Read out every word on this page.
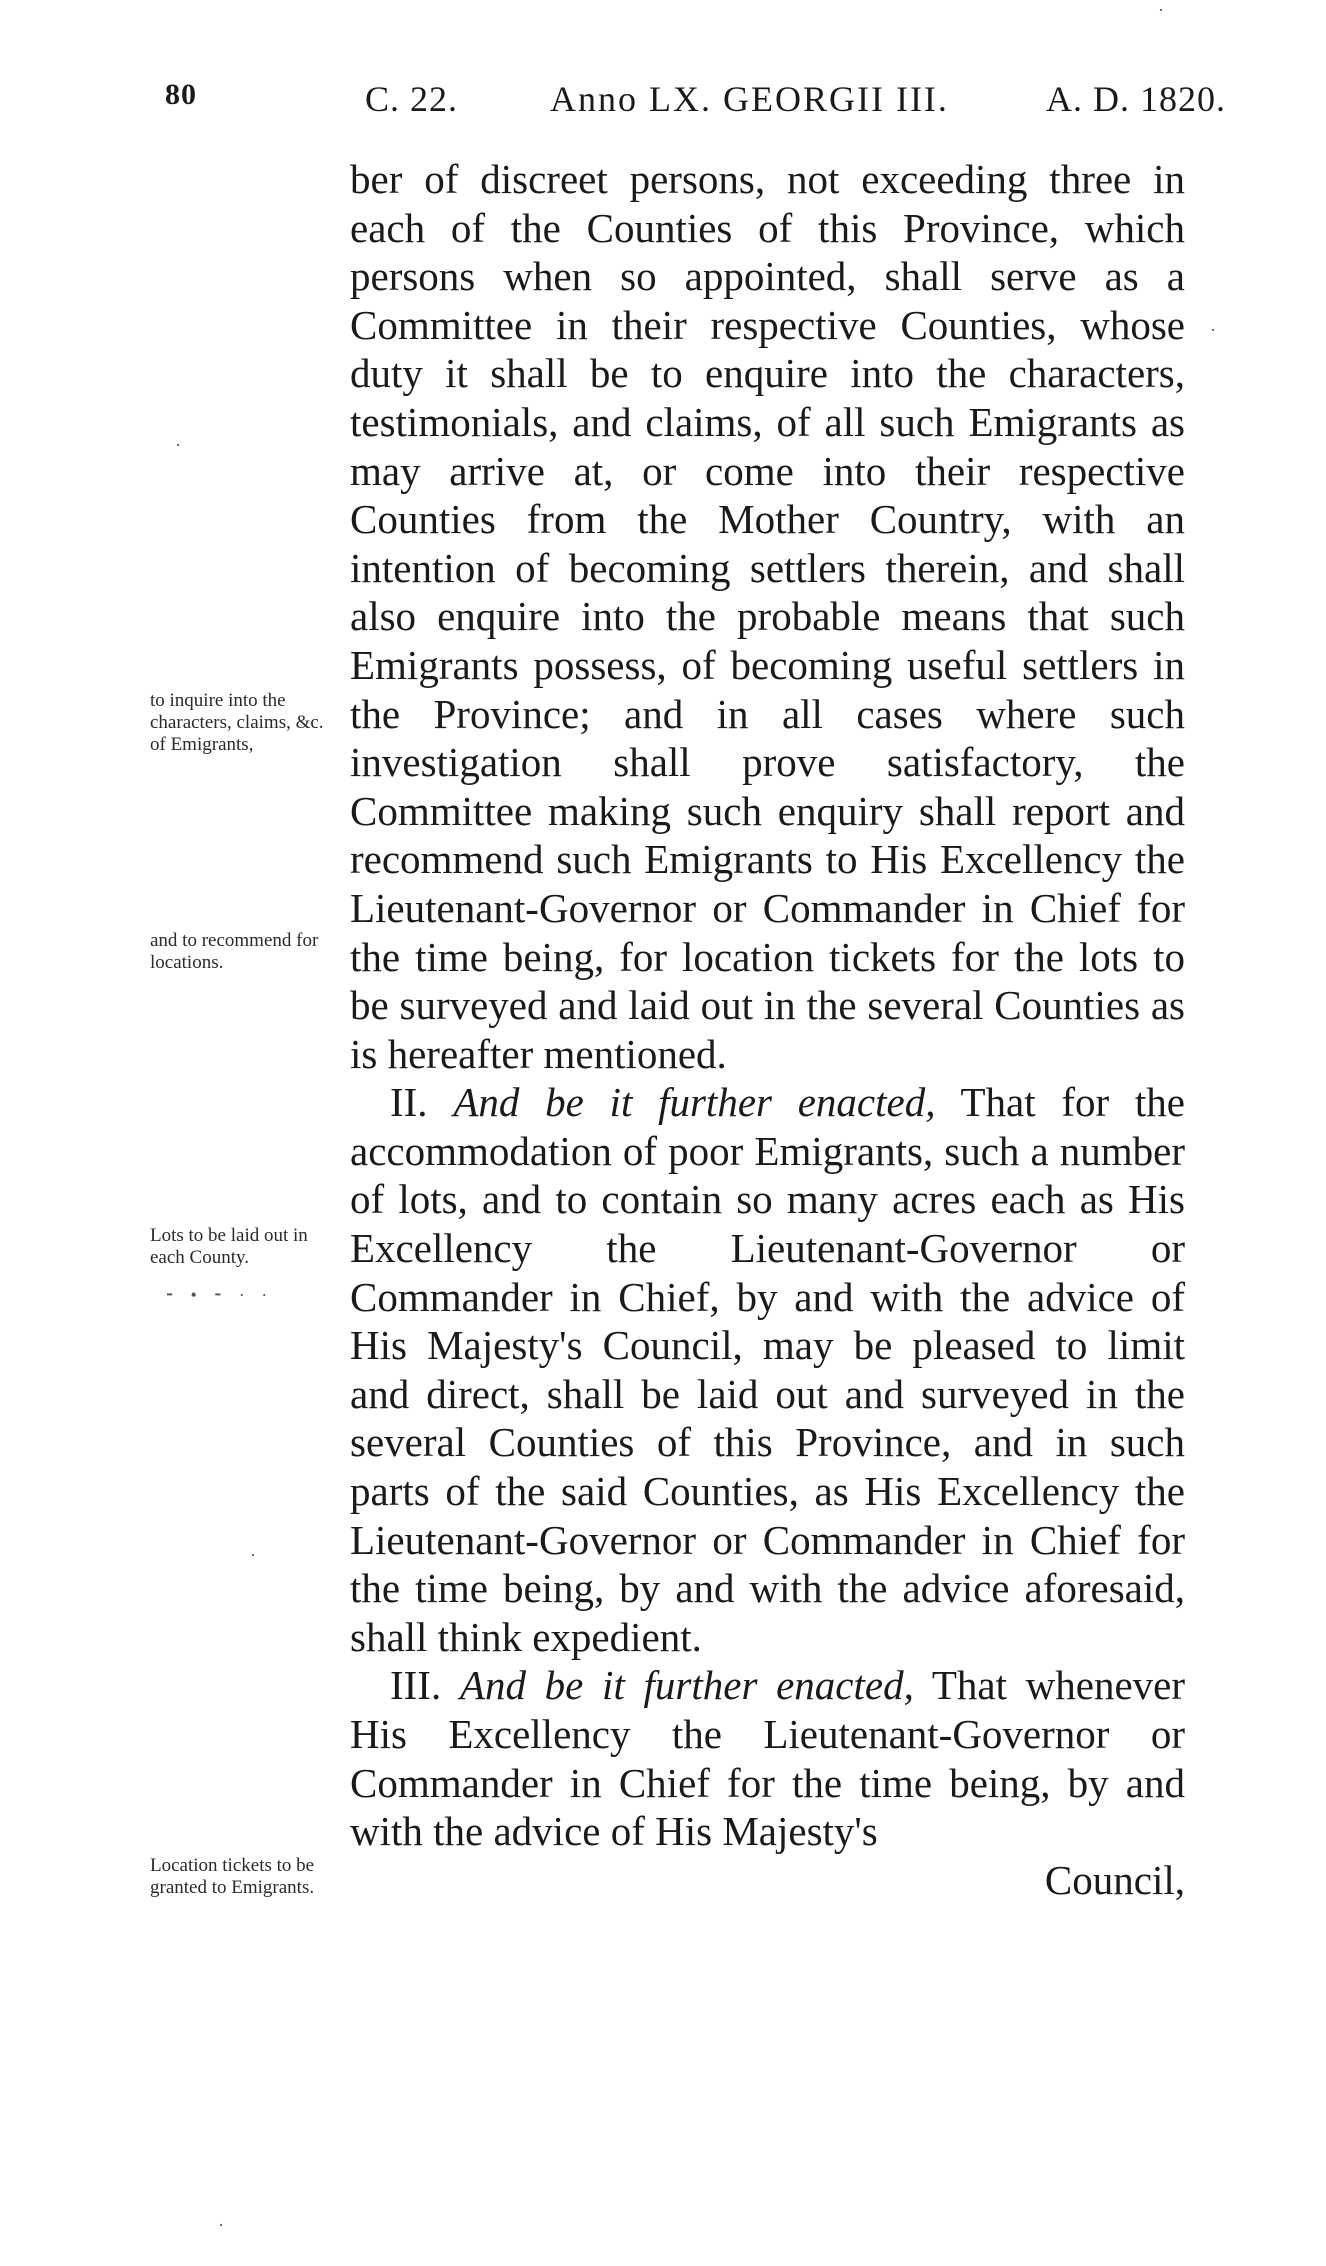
80	C. 22.	Anno LX. GEORGII III.	A. D. 1820.

ber of discreet persons, not exceeding three in each of the Counties of this Province, which persons when so appointed, shall serve as a Committee in their respective Counties, whose duty it shall be to enquire into the characters, testimonials, and claims, of all such Emigrants as may arrive at, or come into their respective Counties from the Mother Country, with an intention of becoming settlers therein, and shall also enquire into the probable means that such Emigrants possess, of becoming useful settlers in the Province; and in all cases where such investigation shall prove satisfactory, the Committee making such enquiry shall report and recommend such Emigrants to His Excellency the Lieutenant-Governor or Commander in Chief for the time being, for location tickets for the lots to be surveyed and laid out in the several Counties as is hereafter mentioned.

II. And be it further enacted, That for the accommodation of poor Emigrants, such a number of lots, and to contain so many acres each as His Excellency the Lieutenant-Governor or Commander in Chief, by and with the advice of His Majesty's Council, may be pleased to limit and direct, shall be laid out and surveyed in the several Counties of this Province, and in such parts of the said Counties, as His Excellency the Lieutenant-Governor or Commander in Chief for the time being, by and with the advice aforesaid, shall think expedient.

III. And be it further enacted, That whenever His Excellency the Lieutenant-Governor or Commander in Chief for the time being, by and with the advice of His Majesty's

Council,

to inquire into the characters, claims, &c. of Emigrants,
and to recommend for locations.
Lots to be laid out in each County.
Location tickets to be granted to Emigrants.
·
·
⁃ • ⁃ · ·
·
·
·
